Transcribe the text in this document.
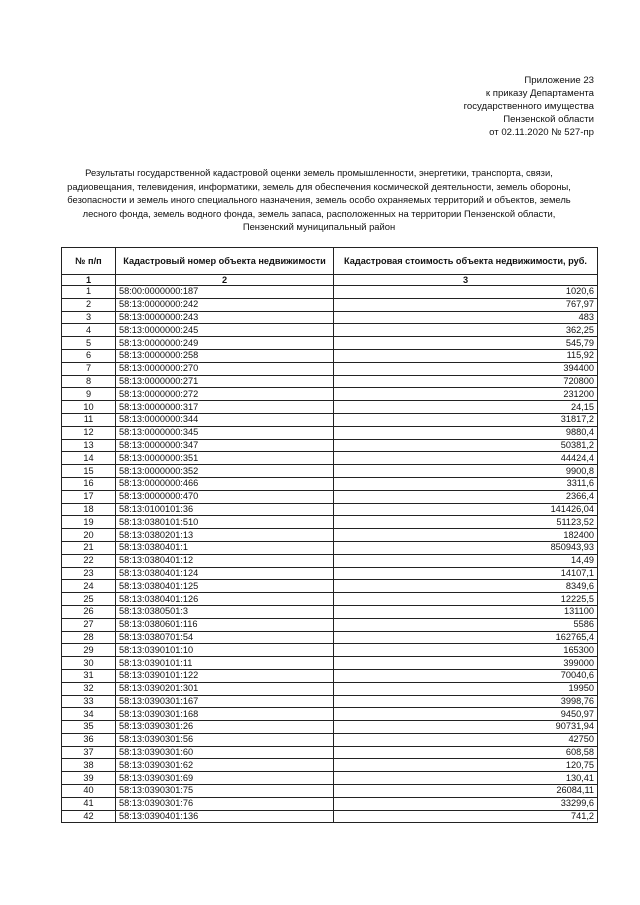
Приложение 23
к приказу Департамента
государственного имущества
Пензенской области
от 02.11.2020 № 527-пр
Результаты государственной кадастровой оценки земель промышленности, энергетики, транспорта, связи, радиовещания, телевидения, информатики, земель для обеспечения космической деятельности, земель обороны, безопасности и земель иного специального назначения, земель особо охраняемых территорий и объектов, земель лесного фонда, земель водного фонда, земель запаса, расположенных на территории Пензенской области, Пензенский муниципальный район
№ п/п	Кадастровый номер объекта недвижимости	Кадастровая стоимость объекта недвижимости, руб.
1	2	3
1	58:00:0000000:187	1020,6
2	58:13:0000000:242	767,97
3	58:13:0000000:243	483
4	58:13:0000000:245	362,25
5	58:13:0000000:249	545,79
6	58:13:0000000:258	115,92
7	58:13:0000000:270	394400
8	58:13:0000000:271	720800
9	58:13:0000000:272	231200
10	58:13:0000000:317	24,15
11	58:13:0000000:344	31817,2
12	58:13:0000000:345	9880,4
13	58:13:0000000:347	50381,2
14	58:13:0000000:351	44424,4
15	58:13:0000000:352	9900,8
16	58:13:0000000:466	3311,6
17	58:13:0000000:470	2366,4
18	58:13:0100101:36	141426,04
19	58:13:0380101:510	51123,52
20	58:13:0380201:13	182400
21	58:13:0380401:1	850943,93
22	58:13:0380401:12	14,49
23	58:13:0380401:124	14107,1
24	58:13:0380401:125	8349,6
25	58:13:0380401:126	12225,5
26	58:13:0380501:3	131100
27	58:13:0380601:116	5586
28	58:13:0380701:54	162765,4
29	58:13:0390101:10	165300
30	58:13:0390101:11	399000
31	58:13:0390101:122	70040,6
32	58:13:0390201:301	19950
33	58:13:0390301:167	3998,76
34	58:13:0390301:168	9450,97
35	58:13:0390301:26	90731,94
36	58:13:0390301:56	42750
37	58:13:0390301:60	608,58
38	58:13:0390301:62	120,75
39	58:13:0390301:69	130,41
40	58:13:0390301:75	26084,11
41	58:13:0390301:76	33299,6
42	58:13:0390401:136	741,2
